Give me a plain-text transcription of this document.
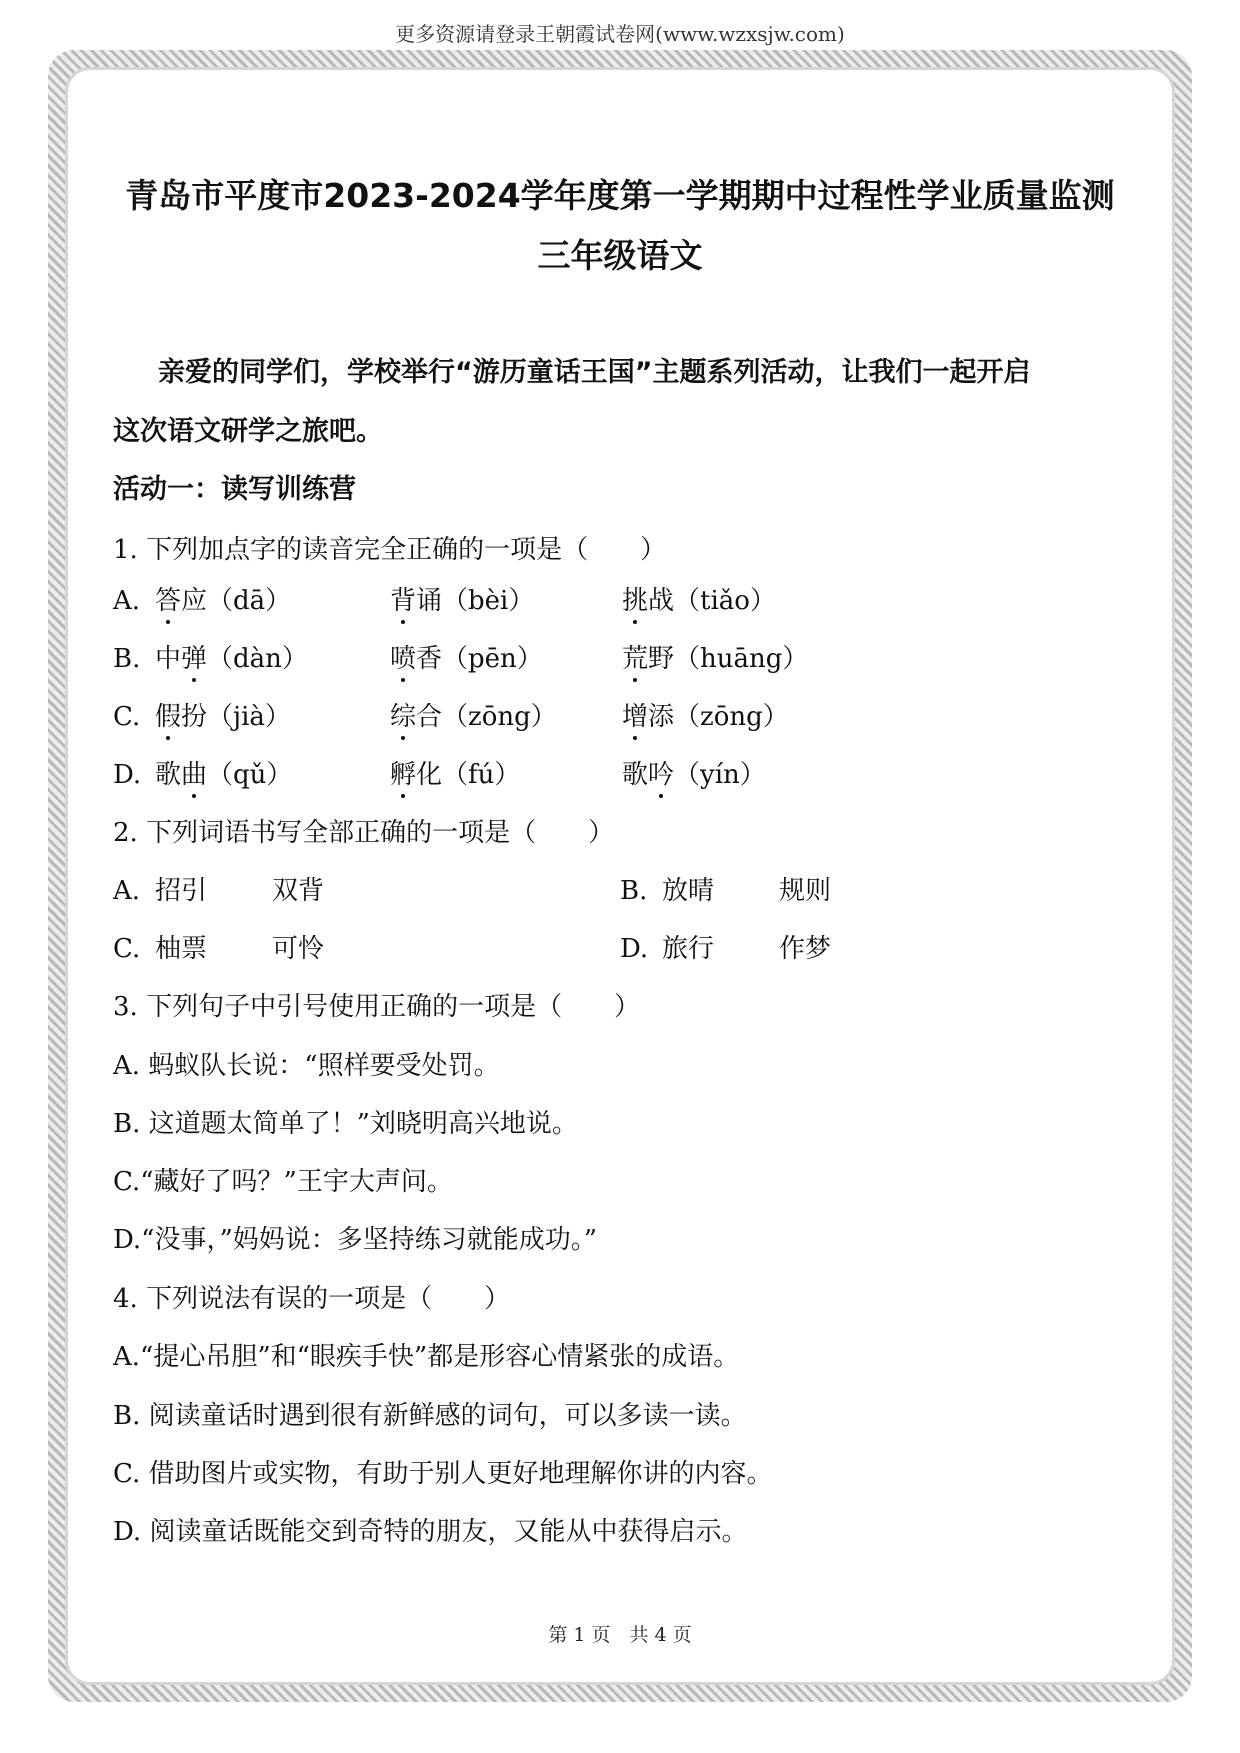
更多资源请登录王朝霞试卷网(www.wzxsjw.com)
青岛市平度市2023-2024学年度第一学期期中过程性学业质量监测
三年级语文
亲爱的同学们，学校举行“游历童话王国”主题系列活动，让我们一起开启
这次语文研学之旅吧。
活动一：读写训练营
1. 下列加点字的读音完全正确的一项是（　　）
A. 答应（dā）	背诵（bèi）	挑战（tiǎo）
B. 中弹（dàn）	喷香（pēn）	荒野（huāng）
C. 假扮（jià）	综合（zōng）	增添（zōng）
D. 歌曲（qǔ）	孵化（fú）	歌吟（yín）
2. 下列词语书写全部正确的一项是（　　）
A. 招引 双背	B. 放晴 规则
C. 柚票 可怜	D. 旅行 作梦
3. 下列句子中引号使用正确的一项是（　　）
A. 蚂蚁队长说：“照样要受处罚。
B. 这道题太简单了！”刘晓明高兴地说。
C.“藏好了吗？”王宇大声问。
D.“没事，”妈妈说：多坚持练习就能成功。”
4. 下列说法有误的一项是（　　）
A.“提心吊胆”和“眼疾手快”都是形容心情紧张的成语。
B. 阅读童话时遇到很有新鲜感的词句，可以多读一读。
C. 借助图片或实物，有助于别人更好地理解你讲的内容。
D. 阅读童话既能交到奇特的朋友，又能从中获得启示。
第 1 页　共 4 页
